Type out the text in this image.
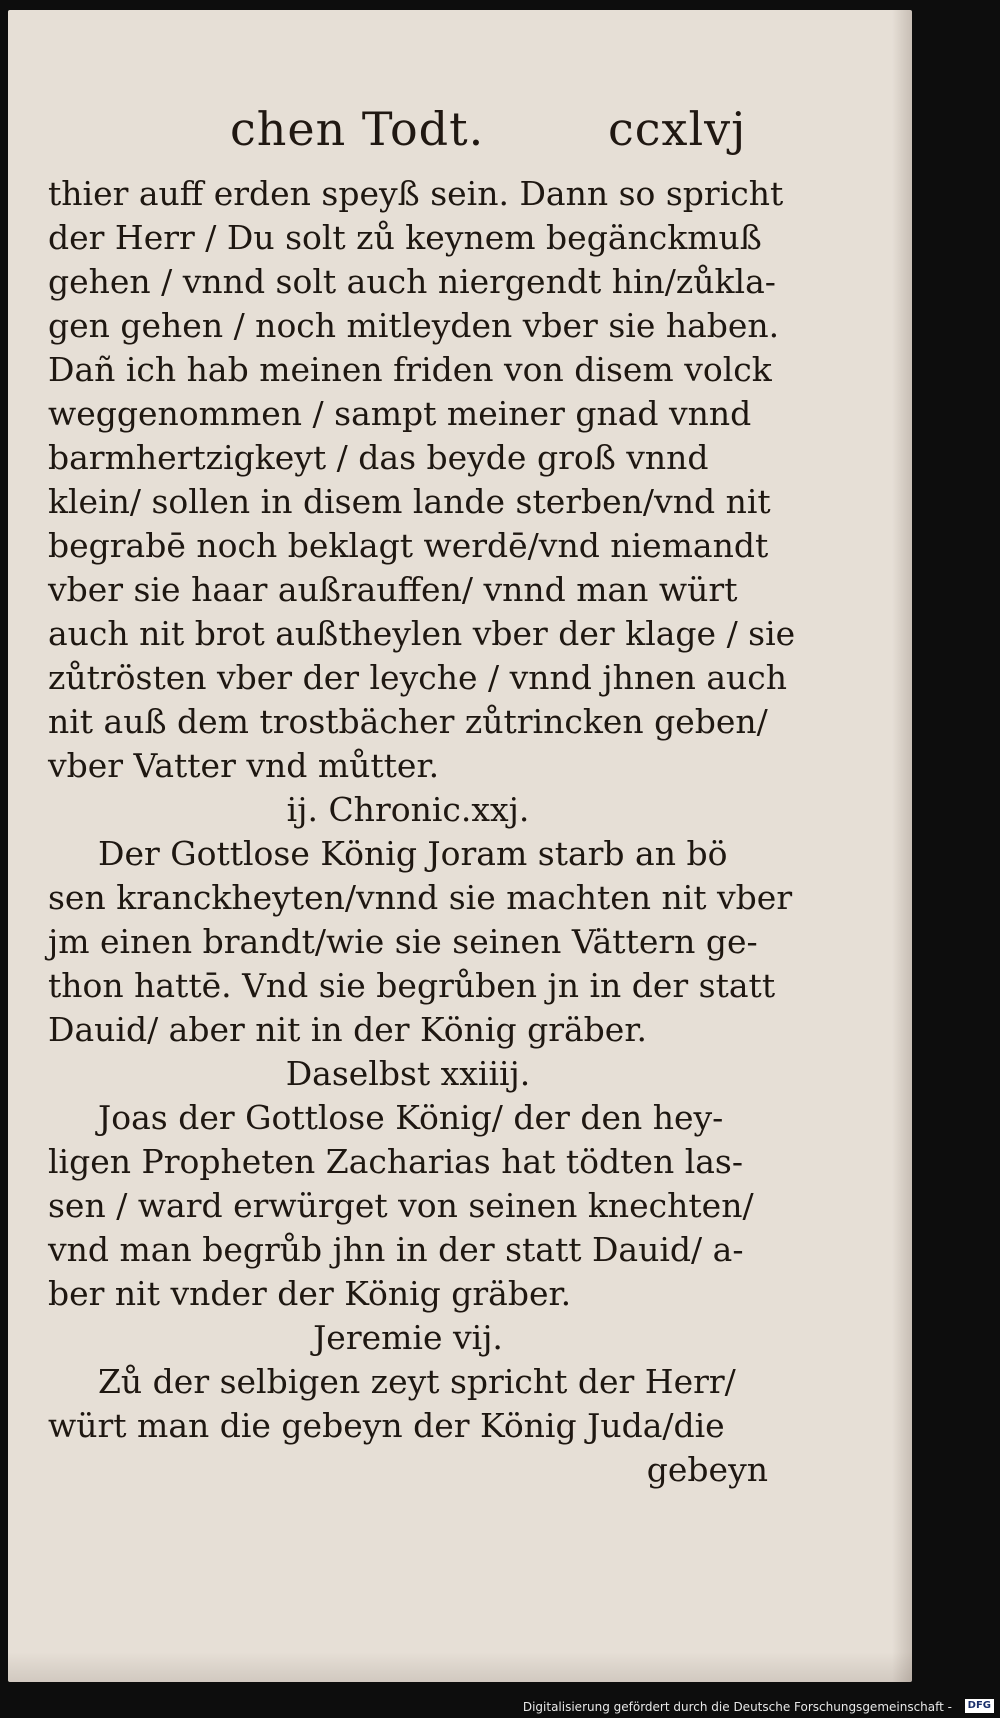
chen Todt.	ccxlvj
thier auff erden speyß sein. Dann so spricht
der Herr / Du solt zů keynem begänckmuß
gehen / vnnd solt auch niergendt hin/zůkla-
gen gehen / noch mitleyden vber sie haben.
Dañ ich hab meinen friden von disem volck
weggenommen / sampt meiner gnad vnnd
barmhertzigkeyt / das beyde groß vnnd
klein/ sollen in disem lande sterben/vnd nit
begrabē noch beklagt werdē/vnd niemandt
vber sie haar außrauffen/ vnnd man würt
auch nit brot außtheylen vber der klage / sie
zůtrösten vber der leyche / vnnd jhnen auch
nit auß dem trostbächer zůtrincken geben/
vber Vatter vnd můtter.
ij. Chronic.xxj.
Der Gottlose König Joram starb an bö
sen kranckheyten/vnnd sie machten nit vber
jm einen brandt/wie sie seinen Vättern ge-
thon hattē. Vnd sie begrůben jn in der statt
Dauid/ aber nit in der König gräber.
Daselbst xxiiij.
Joas der Gottlose König/ der den hey-
ligen Propheten Zacharias hat tödten las-
sen / ward erwürget von seinen knechten/
vnd man begrůb jhn in der statt Dauid/ a-
ber nit vnder der König gräber.
Jeremie vij.
Zů der selbigen zeyt spricht der Herr/
würt man die gebeyn der König Juda/die
gebeyn
Digitalisierung gefördert durch die Deutsche Forschungsgemeinschaft -	DFG
